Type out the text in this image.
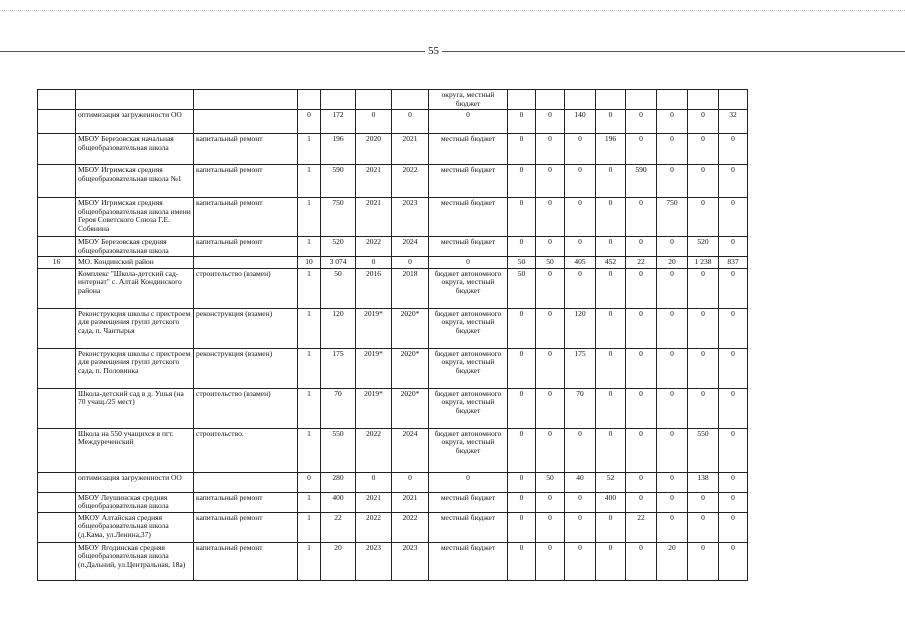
55
							округа, местный бюджет								
	оптимизация загруженности ОО		0	172	0	0	0	0	0	140	0	0	0	0	32
	МБОУ Березовская начальная общеобразовательная школа	капитальный ремонт	1	196	2020	2021	местный бюджет	0	0	0	196	0	0	0	0
	МБОУ Игримская средняя общеобразовательная школа №1	капитальный ремонт	1	590	2021	2022	местный бюджет	0	0	0	0	590	0	0	0
	МБОУ Игримская средняя общеобразовательная школа имени Героя Советского Союза Г.Е. Собянина	капитальный ремонт	1	750	2021	2023	местный бюджет	0	0	0	0	0	750	0	0
	МБОУ Березовская средняя общеобразовательная школа	капитальный ремонт	1	520	2022	2024	местный бюджет	0	0	0	0	0	0	520	0
16	МО. Кондинский район		10	3 074	0	0	0	50	50	405	452	22	20	1 238	837
	Комплекс "Школа-детский сад-интернат" с. Алтай Кондинского района	строительство (взамен)	1	50	2016	2018	бюджет автономного округа, местный бюджет	50	0	0	0	0	0	0	0
	Реконструкция школы с пристроем для размещения групп детского сада, п. Чантырья	реконструкция (взамен)	1	120	2019*	2020*	бюджет автономного округа, местный бюджет	0	0	120	0	0	0	0	0
	Реконструкция школы с пристроем для размещения групп детского сада, п. Половинка	реконструкция (взамен)	1	175	2019*	2020*	бюджет автономного округа, местный бюджет	0	0	175	0	0	0	0	0
	Школа-детский сад в д. Ушья (на 70 учащ./25 мест)	строительство (взамен)	1	70	2019*	2020*	бюджет автономного округа, местный бюджет	0	0	70	0	0	0	0	0
	Школа на 550 учащихся в пгт. Междуреченский	строительство.	1	550	2022	2024	бюджет автономного округа, местный бюджет	0	0	0	0	0	0	550	0
	оптимизация загруженности ОО		0	280	0	0	0	0	50	40	52	0	0	138	0
	МБОУ Леушинская средняя общеобразовательная школа	капитальный ремонт	1	400	2021	2021	местный бюджет	0	0	0	400	0	0	0	0
	МКОУ Алтайская средняя общеобразовательная школа (д.Кама, ул.Ленина,37)	капитальный ремонт	1	22	2022	2022	местный бюджет	0	0	0	0	22	0	0	0
	МБОУ Ягодинская средняя общеобразовательная школа (п.Дальний, ул.Центральная, 18а)	капитальный ремонт	1	20	2023	2023	местный бюджет	0	0	0	0	0	20	0	0
